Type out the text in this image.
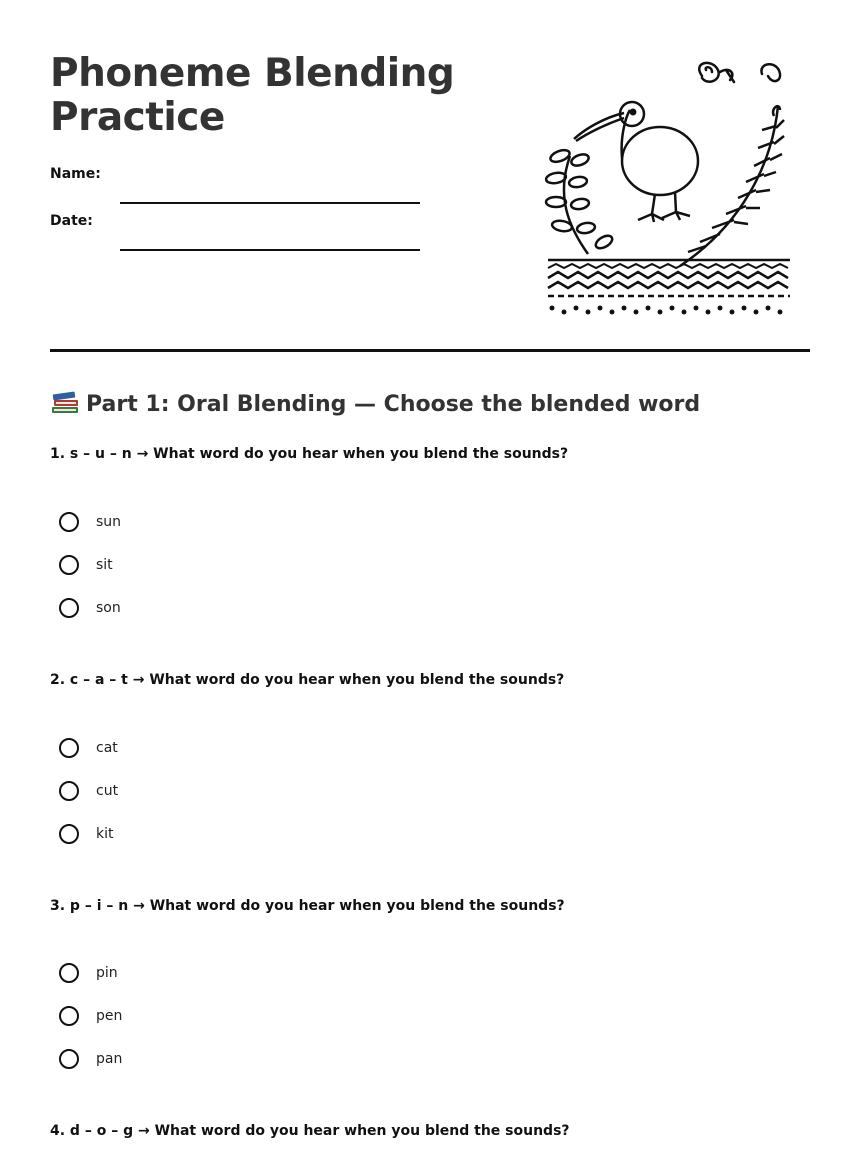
Phoneme Blending Practice
Name:
Date:
Part 1: Oral Blending — Choose the blended word

1. s – u – n → What word do you hear when you blend the sounds?

sun
sit
son

2. c – a – t → What word do you hear when you blend the sounds?

cat
cut
kit

3. p – i – n → What word do you hear when you blend the sounds?

pin
pen
pan

4. d – o – g → What word do you hear when you blend the sounds?
